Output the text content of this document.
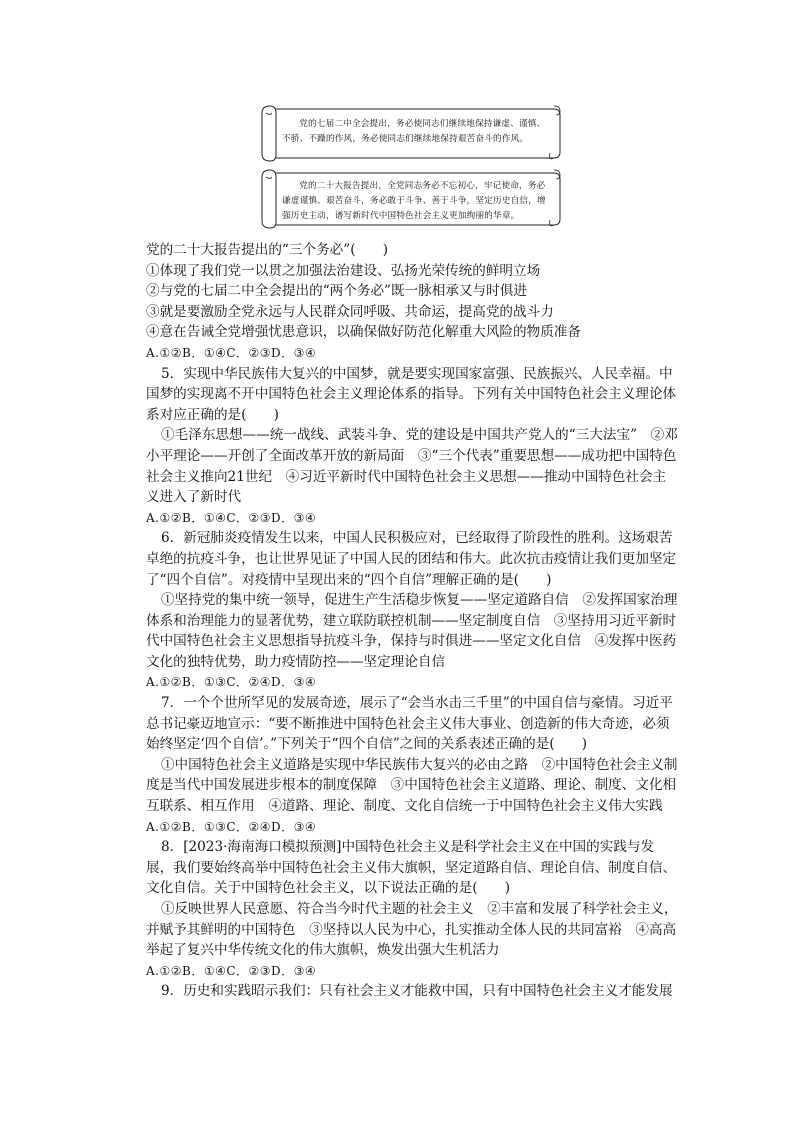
党的七届二中全会提出，务必使同志们继续地保持谦虚、谨慎、不骄、不躁的作风，务必使同志们继续地保持艰苦奋斗的作风。
党的二十大报告提出，全党同志务必不忘初心，牢记使命，务必谦虚谨慎、艰苦奋斗，务必敢于斗争、善于斗争，坚定历史自信，增强历史主动，谱写新时代中国特色社会主义更加绚丽的华章。

党的二十大报告提出的“三个务必”(　　)

①体现了我们党一以贯之加强法治建设、弘扬光荣传统的鲜明立场

②与党的七届二中全会提出的“两个务必”既一脉相承又与时俱进

③就是要激励全党永远与人民群众同呼吸、共命运，提高党的战斗力

④意在告诫全党增强忧患意识，以确保做好防范化解重大风险的物质准备

A.①②B．①④C．②③D．③④

5．实现中华民族伟大复兴的中国梦，就是要实现国家富强、民族振兴、人民幸福。中国梦的实现离不开中国特色社会主义理论体系的指导。下列有关中国特色社会主义理论体系对应正确的是(　　)

①毛泽东思想——统一战线、武装斗争、党的建设是中国共产党人的“三大法宝”　②邓小平理论——开创了全面改革开放的新局面　③“三个代表”重要思想——成功把中国特色社会主义推向21世纪　④习近平新时代中国特色社会主义思想——推动中国特色社会主义进入了新时代

A.①②B．①④C．②③D．③④

6．新冠肺炎疫情发生以来，中国人民积极应对，已经取得了阶段性的胜利。这场艰苦卓绝的抗疫斗争，也让世界见证了中国人民的团结和伟大。此次抗击疫情让我们更加坚定了“四个自信”。对疫情中呈现出来的“四个自信”理解正确的是(　　)

①坚持党的集中统一领导，促进生产生活稳步恢复——坚定道路自信　②发挥国家治理体系和治理能力的显著优势，建立联防联控机制——坚定制度自信　③坚持用习近平新时代中国特色社会主义思想指导抗疫斗争，保持与时俱进——坚定文化自信　④发挥中医药文化的独特优势，助力疫情防控——坚定理论自信

A.①②B．①③C．②④D．③④

7．一个个世所罕见的发展奇迹，展示了“会当水击三千里”的中国自信与豪情。习近平总书记豪迈地宣示：“要不断推进中国特色社会主义伟大事业、创造新的伟大奇迹，必须始终坚定‘四个自信’。”下列关于“四个自信”之间的关系表述正确的是(　　)

①中国特色社会主义道路是实现中华民族伟大复兴的必由之路　②中国特色社会主义制度是当代中国发展进步根本的制度保障　③中国特色社会主义道路、理论、制度、文化相互联系、相互作用　④道路、理论、制度、文化自信统一于中国特色社会主义伟大实践

A.①②B．①③C．②④D．③④

8．[2023·海南海口模拟预测]中国特色社会主义是科学社会主义在中国的实践与发展，我们要始终高举中国特色社会主义伟大旗帜，坚定道路自信、理论自信、制度自信、文化自信。关于中国特色社会主义，以下说法正确的是(　　)

①反映世界人民意愿、符合当今时代主题的社会主义　②丰富和发展了科学社会主义，并赋予其鲜明的中国特色　③坚持以人民为中心，扎实推动全体人民的共同富裕　④高高举起了复兴中华传统文化的伟大旗帜，焕发出强大生机活力

A.①②B．①④C．②③D．③④

9．历史和实践昭示我们：只有社会主义才能救中国，只有中国特色社会主义才能发展
